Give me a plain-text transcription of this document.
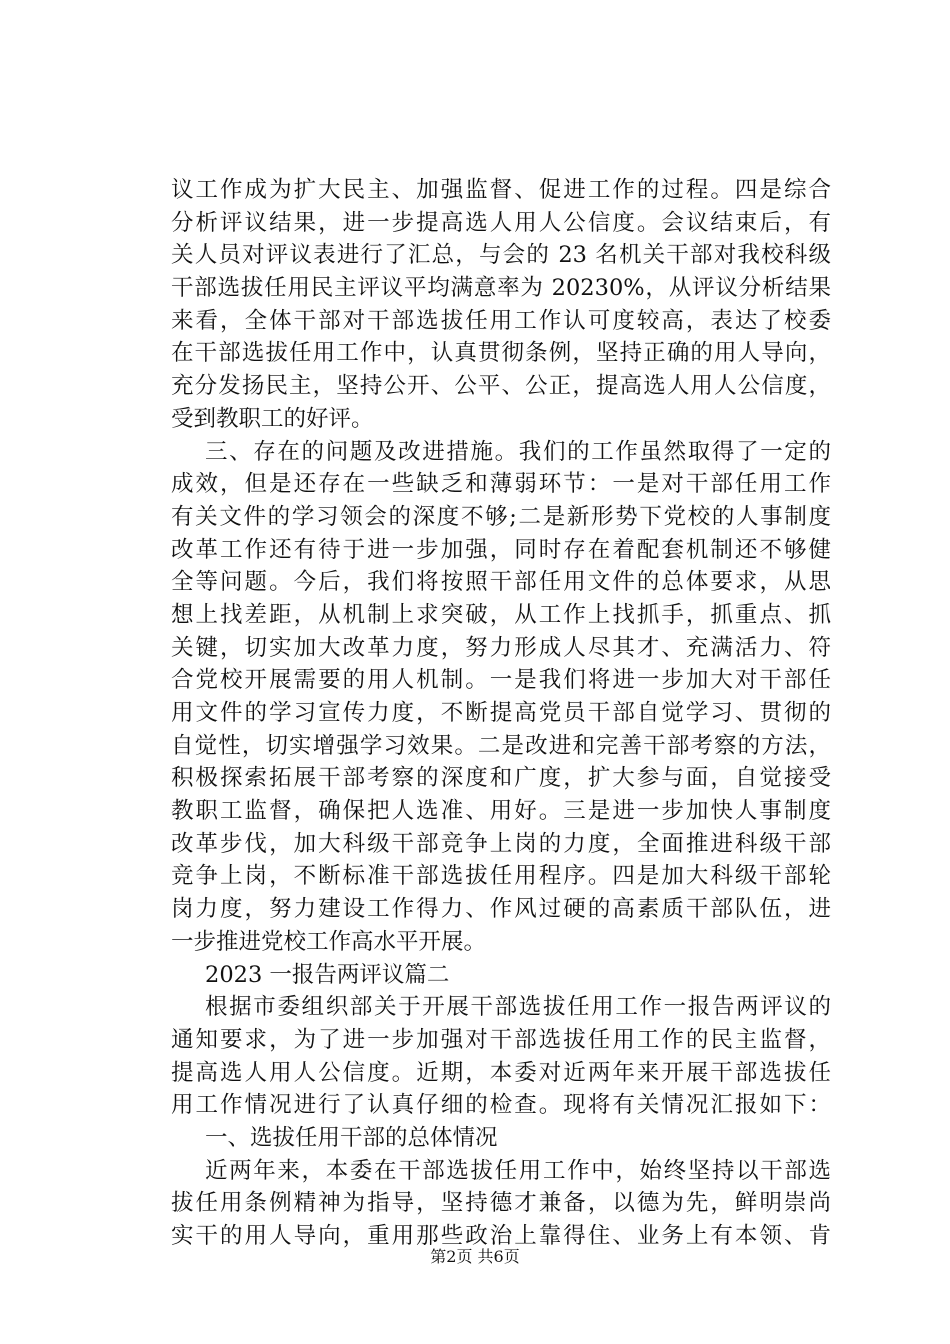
议工作成为扩大民主、加强监督、促进工作的过程。四是综合
分析评议结果，进一步提高选人用人公信度。会议结束后，有
关人员对评议表进行了汇总，与会的 23 名机关干部对我校科级
干部选拔任用民主评议平均满意率为 20230%，从评议分析结果
来看，全体干部对干部选拔任用工作认可度较高，表达了校委
在干部选拔任用工作中，认真贯彻条例，坚持正确的用人导向，
充分发扬民主，坚持公开、公平、公正，提高选人用人公信度，
受到教职工的好评。
三、存在的问题及改进措施。我们的工作虽然取得了一定的
成效，但是还存在一些缺乏和薄弱环节：一是对干部任用工作
有关文件的学习领会的深度不够;二是新形势下党校的人事制度
改革工作还有待于进一步加强，同时存在着配套机制还不够健
全等问题。今后，我们将按照干部任用文件的总体要求，从思
想上找差距，从机制上求突破，从工作上找抓手，抓重点、抓
关键，切实加大改革力度，努力形成人尽其才、充满活力、符
合党校开展需要的用人机制。一是我们将进一步加大对干部任
用文件的学习宣传力度，不断提高党员干部自觉学习、贯彻的
自觉性，切实增强学习效果。二是改进和完善干部考察的方法，
积极探索拓展干部考察的深度和广度，扩大参与面，自觉接受
教职工监督，确保把人选准、用好。三是进一步加快人事制度
改革步伐，加大科级干部竞争上岗的力度，全面推进科级干部
竞争上岗，不断标准干部选拔任用程序。四是加大科级干部轮
岗力度，努力建设工作得力、作风过硬的高素质干部队伍，进
一步推进党校工作高水平开展。
2023 一报告两评议篇二
根据市委组织部关于开展干部选拔任用工作一报告两评议的
通知要求，为了进一步加强对干部选拔任用工作的民主监督，
提高选人用人公信度。近期，本委对近两年来开展干部选拔任
用工作情况进行了认真仔细的检查。现将有关情况汇报如下：
一、选拔任用干部的总体情况
近两年来，本委在干部选拔任用工作中，始终坚持以干部选
拔任用条例精神为指导，坚持德才兼备，以德为先，鲜明崇尚
实干的用人导向，重用那些政治上靠得住、业务上有本领、肯
第2页 共6页
